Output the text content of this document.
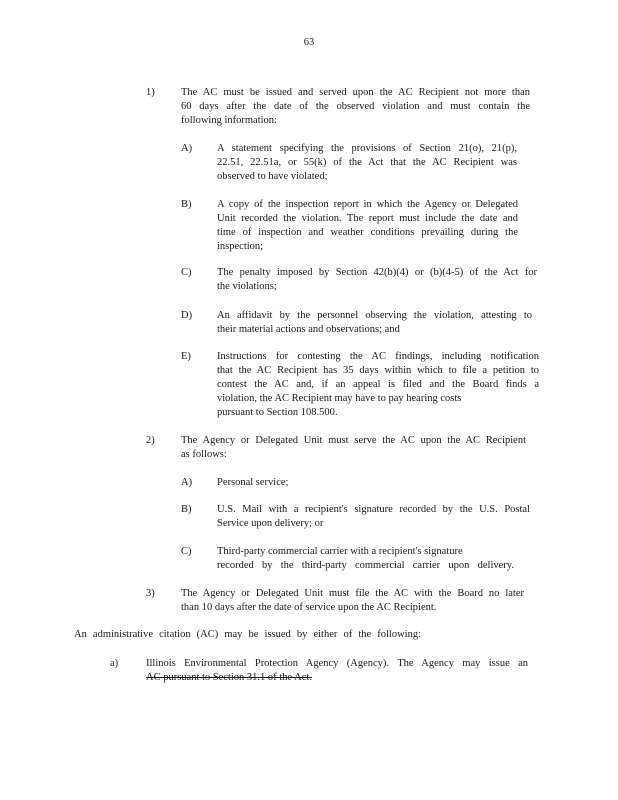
63
1)	The AC must be issued and served upon the AC Recipient not more than
60 days after the date of the observed violation and must contain the
following information:
A) A statement specifying the provisions of Section 21(o), 21(p),
22.51, 22.51a, or 55(k) of the Act that the AC Recipient was
observed to have violated;
B) A copy of the inspection report in which the Agency or Delegated
Unit recorded the violation. The report must include the date and
time of inspection and weather conditions prevailing during the
inspection;
C) The penalty imposed by Section 42(b)(4) or (b)(4-5) of the Act for
the violations;
D) An affidavit by the personnel observing the violation, attesting to
their material actions and observations; and
E) Instructions for contesting the AC findings, including notification
that the AC Recipient has 35 days within which to file a petition to
contest the AC and, if an appeal is filed and the Board finds a
violation, the AC Recipient may have to pay hearing costs
pursuant to Section 108.500.
2)	The Agency or Delegated Unit must serve the AC upon the AC Recipient
as follows:
A) Personal service;
B) U.S. Mail with a recipient's signature recorded by the U.S. Postal
Service upon delivery; or
C) Third-party commercial carrier with a recipient's signature
recorded by the third-party commercial carrier upon delivery.
3)	The Agency or Delegated Unit must file the AC with the Board no later
than 10 days after the date of service upon the AC Recipient.
An administrative citation (AC) may be issued by either of the following:
a)	Illinois Environmental Protection Agency (Agency). The Agency may issue an
AC pursuant to Section 31.1 of the Act.
